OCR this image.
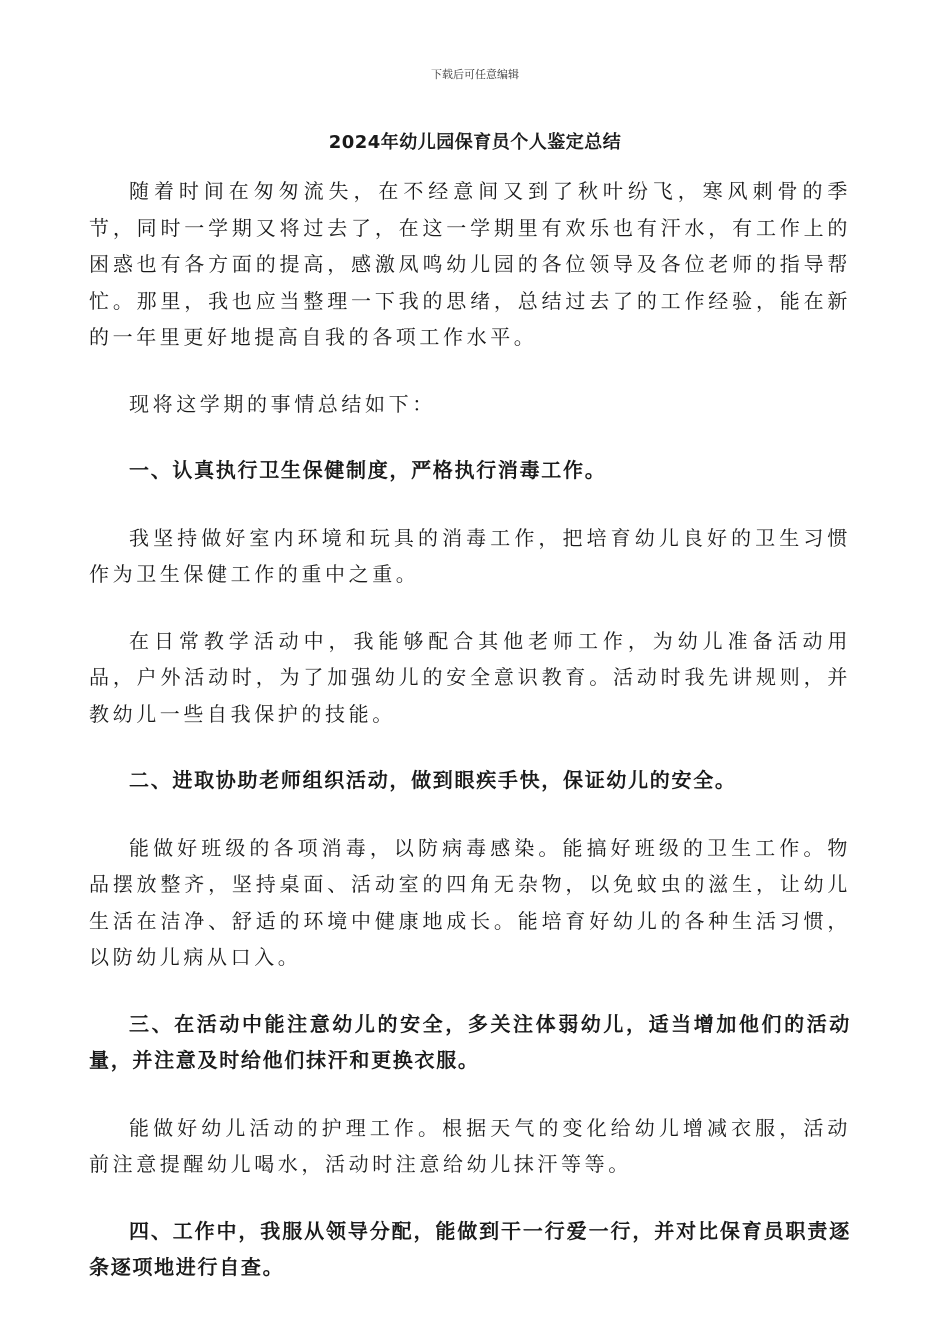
下载后可任意编辑
2024年幼儿园保育员个人鉴定总结

随着时间在匆匆流失，在不经意间又到了秋叶纷飞，寒风刺骨的季节，同时一学期又将过去了，在这一学期里有欢乐也有汗水，有工作上的困惑也有各方面的提高，感激凤鸣幼儿园的各位领导及各位老师的指导帮忙。那里，我也应当整理一下我的思绪，总结过去了的工作经验，能在新的一年里更好地提高自我的各项工作水平。

现将这学期的事情总结如下：

一、认真执行卫生保健制度，严格执行消毒工作。

我坚持做好室内环境和玩具的消毒工作，把培育幼儿良好的卫生习惯作为卫生保健工作的重中之重。

在日常教学活动中，我能够配合其他老师工作，为幼儿准备活动用品，户外活动时，为了加强幼儿的安全意识教育。活动时我先讲规则，并教幼儿一些自我保护的技能。

二、进取协助老师组织活动，做到眼疾手快，保证幼儿的安全。

能做好班级的各项消毒，以防病毒感染。能搞好班级的卫生工作。物品摆放整齐，坚持桌面、活动室的四角无杂物，以免蚊虫的滋生，让幼儿生活在洁净、舒适的环境中健康地成长。能培育好幼儿的各种生活习惯，以防幼儿病从口入。

三、在活动中能注意幼儿的安全，多关注体弱幼儿，适当增加他们的活动量，并注意及时给他们抹汗和更换衣服。

能做好幼儿活动的护理工作。根据天气的变化给幼儿增减衣服，活动前注意提醒幼儿喝水，活动时注意给幼儿抹汗等等。

四、工作中，我服从领导分配，能做到干一行爱一行，并对比保育员职责逐条逐项地进行自查。
